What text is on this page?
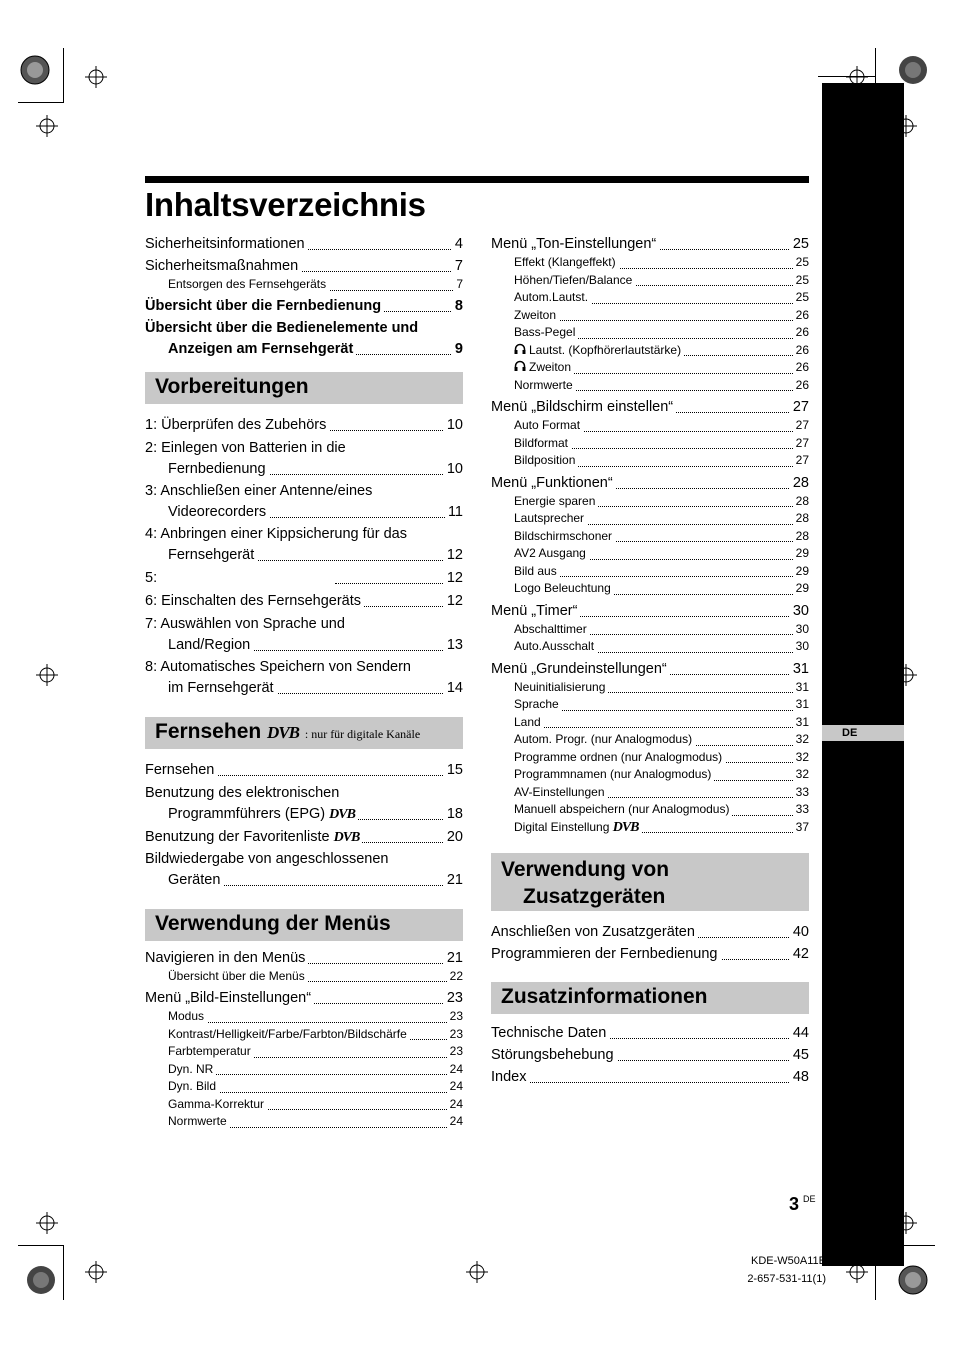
DE
Inhaltsverzeichnis
Sicherheitsinformationen	4
Sicherheitsmaßnahmen	7
Entsorgen des Fernsehgeräts	7
Übersicht über die Fernbedienung	8
Übersicht über die Bedienelemente und
Anzeigen am Fernsehgerät	9
Vorbereitungen
1: Überprüfen des Zubehörs	10
2: Einlegen von Batterien in die
Fernbedienung	10
3: Anschließen einer Antenne/eines
Videorecorders	11
4: Anbringen einer Kippsicherung für das
Fernsehgerät	12
5:	12
6: Einschalten des Fernsehgeräts	12
7: Auswählen von Sprache und
Land/Region	13
8: Automatisches Speichern von Sendern
im Fernsehgerät	14
Fernsehen DVB : nur für digitale Kanäle
Fernsehen	15
Benutzung des elektronischen
Programmführers (EPG) DVB	18
Benutzung der Favoritenliste DVB	20
Bildwiedergabe von angeschlossenen
Geräten	21
Verwendung der Menüs
Navigieren in den Menüs	21
Übersicht über die Menüs	22
Menü „Bild-Einstellungen“	23
Modus	23
Kontrast/Helligkeit/Farbe/Farbton/Bildschärfe	23
Farbtemperatur	23
Dyn. NR	24
Dyn. Bild	24
Gamma-Korrektur	24
Normwerte	24
Menü „Ton-Einstellungen“	25
Effekt (Klangeffekt)	25
Höhen/Tiefen/Balance	25
Autom.Lautst.	25
Zweiton	26
Bass-Pegel	26
Lautst. (Kopfhörerlautstärke)	26
Zweiton	26
Normwerte	26
Menü „Bildschirm einstellen“	27
Auto Format	27
Bildformat	27
Bildposition	27
Menü „Funktionen“	28
Energie sparen	28
Lautsprecher	28
Bildschirmschoner	28
AV2 Ausgang	29
Bild aus	29
Logo Beleuchtung	29
Menü „Timer“	30
Abschalttimer	30
Auto.Ausschalt	30
Menü „Grundeinstellungen“	31
Neuinitialisierung	31
Sprache	31
Land	31
Autom. Progr. (nur Analogmodus)	32
Programme ordnen (nur Analogmodus)	32
Programmnamen (nur Analogmodus)	32
AV-Einstellungen	33
Manuell abspeichern (nur Analogmodus)	33
Digital Einstellung DVB	37
Verwendung von
Zusatzgeräten
Anschließen von Zusatzgeräten	40
Programmieren der Fernbedienung	42
Zusatzinformationen
Technische Daten	44
Störungsbehebung	45
Index	48
3 $^{DE}$
KDE-W50A11E
2-657-531-11(1)
